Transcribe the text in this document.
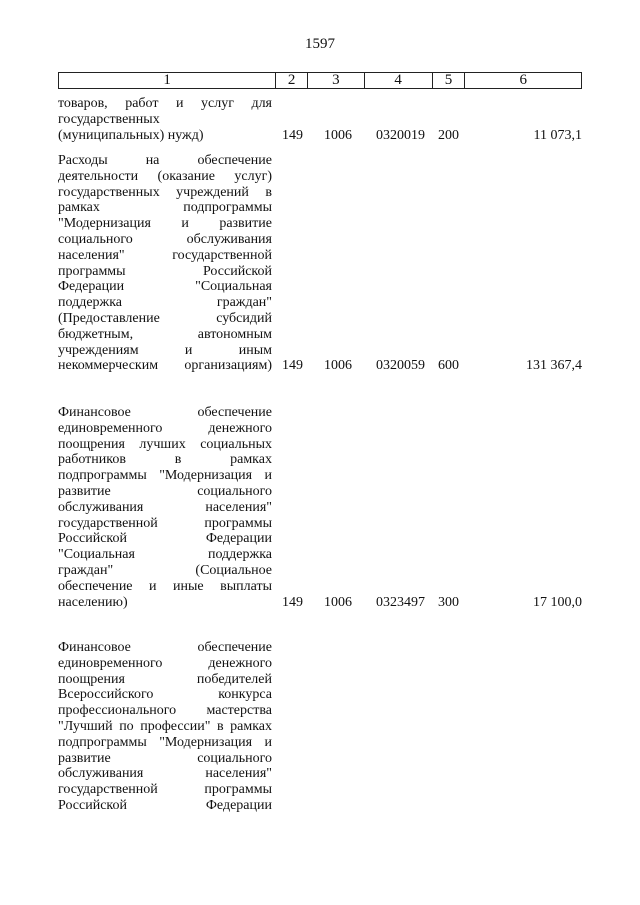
1597
1	2	3	4	5	6
товаров, работ и услуг для
государственных
(муниципальных) нужд)	149 1006 0320019 200	11 073,1
Расходы на обеспечение
деятельности (оказание услуг)
государственных учреждений в
рамках подпрограммы
"Модернизация и развитие
социального обслуживания
населения" государственной
программы Российской
Федерации "Социальная
поддержка граждан"
(Предоставление субсидий
бюджетным, автономным
учреждениям и иным
некоммерческим организациям) 149 1006 0320059 600	131 367,4
Финансовое обеспечение
единовременного денежного
поощрения лучших социальных
работников в рамках
подпрограммы "Модернизация и
развитие социального
обслуживания населения"
государственной программы
Российской Федерации
"Социальная поддержка
граждан" (Социальное
обеспечение и иные выплаты
населению)	149 1006 0323497 300	17 100,0
Финансовое обеспечение
единовременного денежного
поощрения победителей
Всероссийского конкурса
профессионального мастерства
"Лучший по профессии" в рамках
подпрограммы "Модернизация и
развитие социального
обслуживания населения"
государственной программы
Российской Федерации
